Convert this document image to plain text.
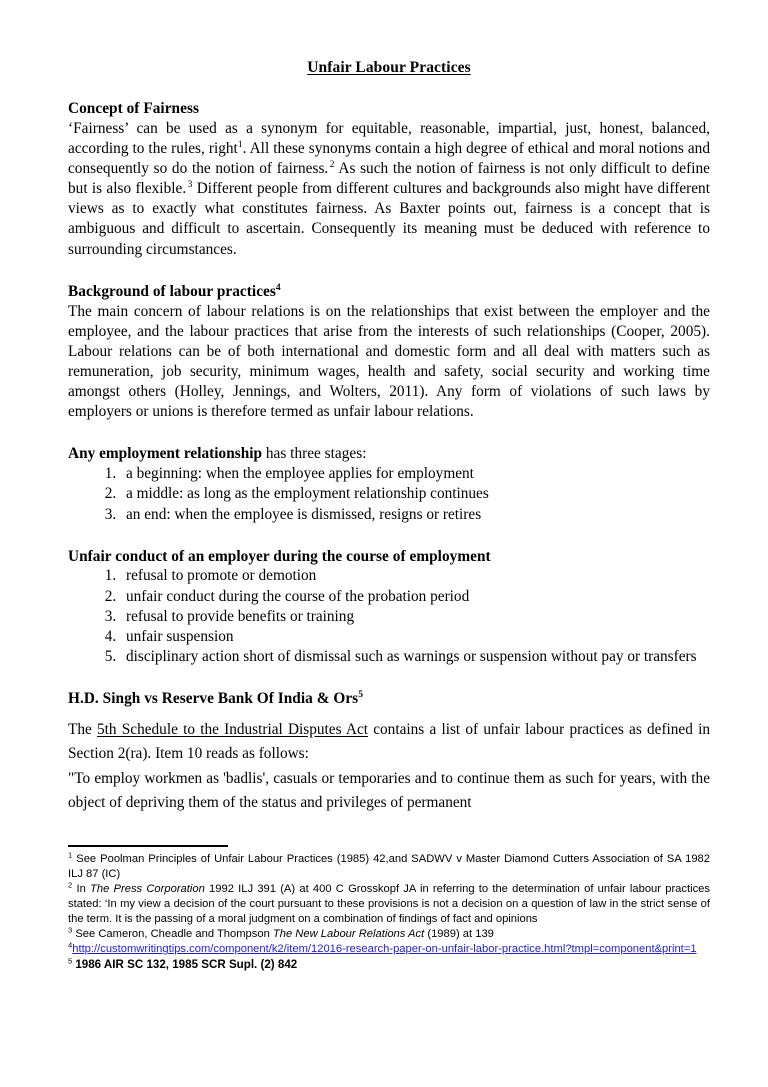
Unfair Labour Practices
Concept of Fairness

‘Fairness’ can be used as a synonym for equitable, reasonable, impartial, just, honest, balanced, according to the rules, right$^1$. All these synonyms contain a high degree of ethical and moral notions and consequently so do the notion of fairness. $^2$ As such the notion of fairness is not only difficult to define but is also flexible. $^3$ Different people from different cultures and backgrounds also might have different views as to exactly what constitutes fairness. As Baxter points out, fairness is a concept that is ambiguous and difficult to ascertain. Consequently its meaning must be deduced with reference to surrounding circumstances.

Background of labour practices$^4$

The main concern of labour relations is on the relationships that exist between the employer and the employee, and the labour practices that arise from the interests of such relationships (Cooper, 2005). Labour relations can be of both international and domestic form and all deal with matters such as remuneration, job security, minimum wages, health and safety, social security and working time amongst others (Holley, Jennings, and Wolters, 2011). Any form of violations of such laws by employers or unions is therefore termed as unfair labour relations.

Any employment relationship has three stages:

1. a beginning: when the employee applies for employment
2. a middle: as long as the employment relationship continues
3. an end: when the employee is dismissed, resigns or retires
Unfair conduct of an employer during the course of employment
1. refusal to promote or demotion
2. unfair conduct during the course of the probation period
3. refusal to provide benefits or training
4. unfair suspension
5. disciplinary action short of dismissal such as warnings or suspension without pay or transfers
H.D. Singh vs Reserve Bank Of India & Ors$^5$

The 5th Schedule to the Industrial Disputes Act contains a list of unfair labour practices as defined in Section 2(ra). Item 10 reads as follows:

"To employ workmen as 'badlis', casuals or temporaries and to continue them as such for years, with the object of depriving them of the status and privileges of permanent

$^1$ See Poolman Principles of Unfair Labour Practices (1985) 42,and SADWV v Master Diamond Cutters Association of SA 1982 ILJ 87 (IC)

$^2$ In The Press Corporation 1992 ILJ 391 (A) at 400 C Grosskopf JA in referring to the determination of unfair labour practices stated: ‘In my view a decision of the court pursuant to these provisions is not a decision on a question of law in the strict sense of the term. It is the passing of a moral judgment on a combination of findings of fact and opinions

$^3$ See Cameron, Cheadle and Thompson The New Labour Relations Act (1989) at 139

$^4$http://customwritingtips.com/component/k2/item/12016-research-paper-on-unfair-labor-practice.html?tmpl=component&print=1

$^5$ 1986 AIR SC 132, 1985 SCR Supl. (2) 842
